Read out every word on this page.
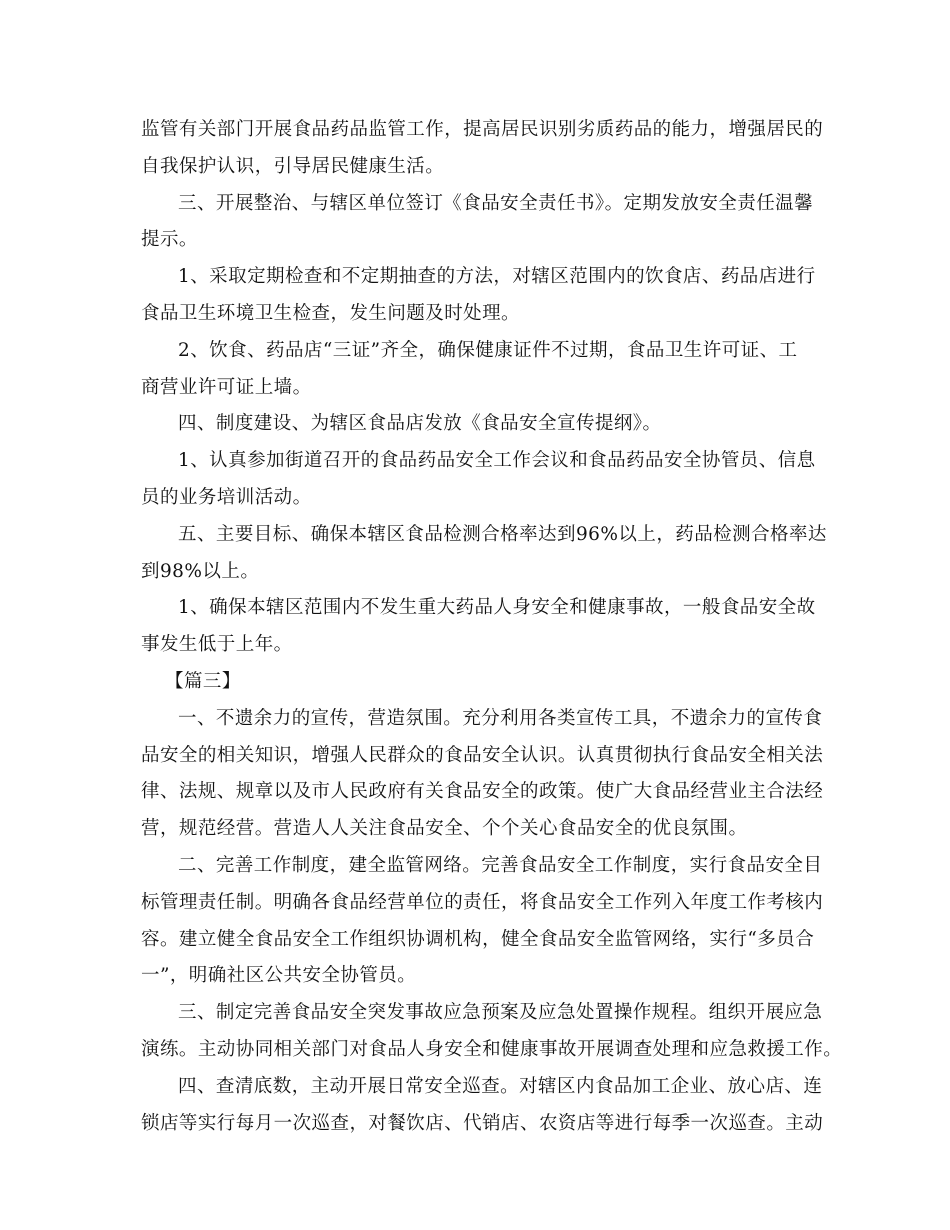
监管有关部门开展食品药品监管工作，提高居民识别劣质药品的能力，增强居民的
自我保护认识，引导居民健康生活。
三、开展整治、与辖区单位签订《食品安全责任书》。定期发放安全责任温馨
提示。
1、采取定期检查和不定期抽查的方法，对辖区范围内的饮食店、药品店进行
食品卫生环境卫生检查，发生问题及时处理。
2、饮食、药品店“三证”齐全，确保健康证件不过期，食品卫生许可证、工
商营业许可证上墙。
四、制度建设、为辖区食品店发放《食品安全宣传提纲》。
1、认真参加街道召开的食品药品安全工作会议和食品药品安全协管员、信息
员的业务培训活动。
五、主要目标、确保本辖区食品检测合格率达到96%以上，药品检测合格率达
到98%以上。
1、确保本辖区范围内不发生重大药品人身安全和健康事故，一般食品安全故
事发生低于上年。
【篇三】
一、不遗余力的宣传，营造氛围。充分利用各类宣传工具，不遗余力的宣传食
品安全的相关知识，增强人民群众的食品安全认识。认真贯彻执行食品安全相关法
律、法规、规章以及市人民政府有关食品安全的政策。使广大食品经营业主合法经
营，规范经营。营造人人关注食品安全、个个关心食品安全的优良氛围。
二、完善工作制度，建全监管网络。完善食品安全工作制度，实行食品安全目
标管理责任制。明确各食品经营单位的责任，将食品安全工作列入年度工作考核内
容。建立健全食品安全工作组织协调机构，健全食品安全监管网络，实行“多员合
一”，明确社区公共安全协管员。
三、制定完善食品安全突发事故应急预案及应急处置操作规程。组织开展应急
演练。主动协同相关部门对食品人身安全和健康事故开展调查处理和应急救援工作。
四、查清底数，主动开展日常安全巡查。对辖区内食品加工企业、放心店、连
锁店等实行每月一次巡查，对餐饮店、代销店、农资店等进行每季一次巡查。主动
